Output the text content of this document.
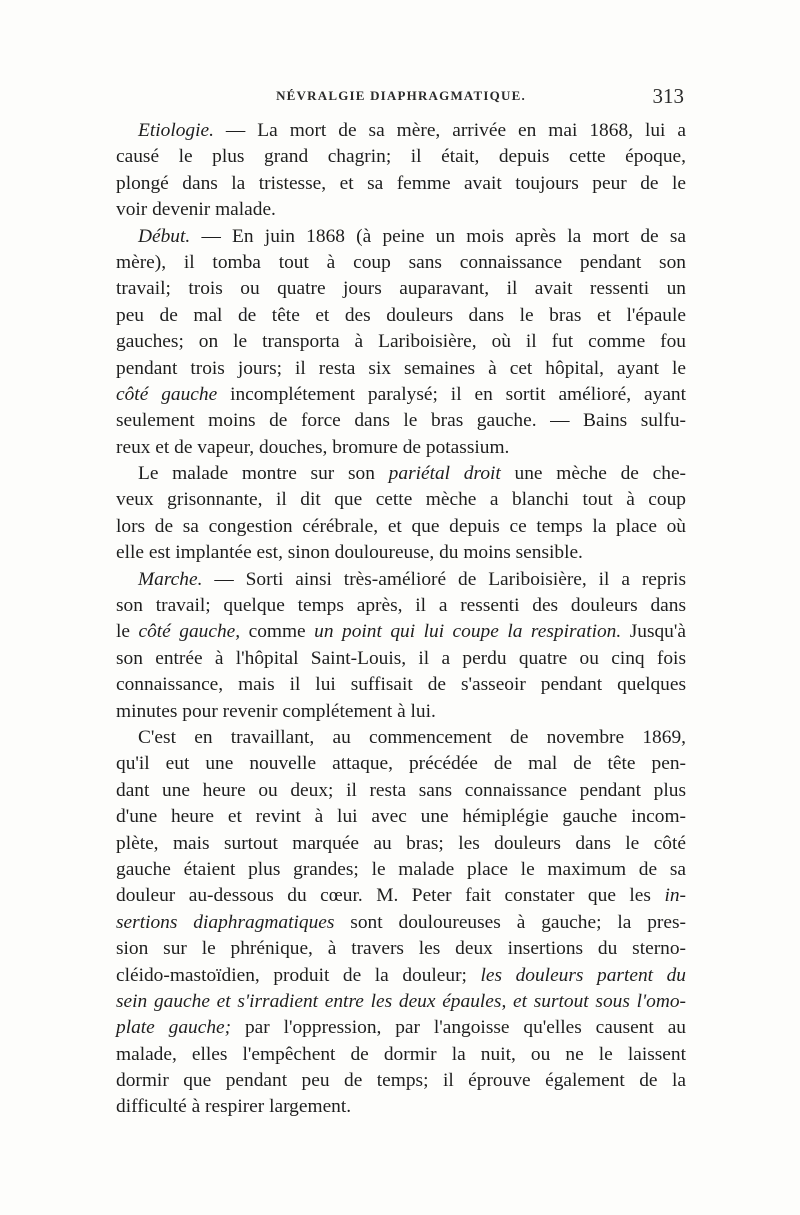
NÉVRALGIE DIAPHRAGMATIQUE.	313
Etiologie. — La mort de sa mère, arrivée en mai 1868, lui a
causé le plus grand chagrin; il était, depuis cette époque,
plongé dans la tristesse, et sa femme avait toujours peur de le
voir devenir malade.
Début. — En juin 1868 (à peine un mois après la mort de sa
mère), il tomba tout à coup sans connaissance pendant son
travail; trois ou quatre jours auparavant, il avait ressenti un
peu de mal de tête et des douleurs dans le bras et l'épaule
gauches; on le transporta à Lariboisière, où il fut comme fou
pendant trois jours; il resta six semaines à cet hôpital, ayant le
côté gauche incomplétement paralysé; il en sortit amélioré, ayant
seulement moins de force dans le bras gauche. — Bains sulfu-
reux et de vapeur, douches, bromure de potassium.
Le malade montre sur son pariétal droit une mèche de che-
veux grisonnante, il dit que cette mèche a blanchi tout à coup
lors de sa congestion cérébrale, et que depuis ce temps la place où
elle est implantée est, sinon douloureuse, du moins sensible.
Marche. — Sorti ainsi très-amélioré de Lariboisière, il a repris
son travail; quelque temps après, il a ressenti des douleurs dans
le côté gauche, comme un point qui lui coupe la respiration. Jusqu'à
son entrée à l'hôpital Saint-Louis, il a perdu quatre ou cinq fois
connaissance, mais il lui suffisait de s'asseoir pendant quelques
minutes pour revenir complétement à lui.
C'est en travaillant, au commencement de novembre 1869,
qu'il eut une nouvelle attaque, précédée de mal de tête pen-
dant une heure ou deux; il resta sans connaissance pendant plus
d'une heure et revint à lui avec une hémiplégie gauche incom-
plète, mais surtout marquée au bras; les douleurs dans le côté
gauche étaient plus grandes; le malade place le maximum de sa
douleur au-dessous du cœur. M. Peter fait constater que les in-
sertions diaphragmatiques sont douloureuses à gauche; la pres-
sion sur le phrénique, à travers les deux insertions du sterno-
cléido-mastoïdien, produit de la douleur; les douleurs partent du
sein gauche et s'irradient entre les deux épaules, et surtout sous l'omo-
plate gauche; par l'oppression, par l'angoisse qu'elles causent au
malade, elles l'empêchent de dormir la nuit, ou ne le laissent
dormir que pendant peu de temps; il éprouve également de la
difficulté à respirer largement.
